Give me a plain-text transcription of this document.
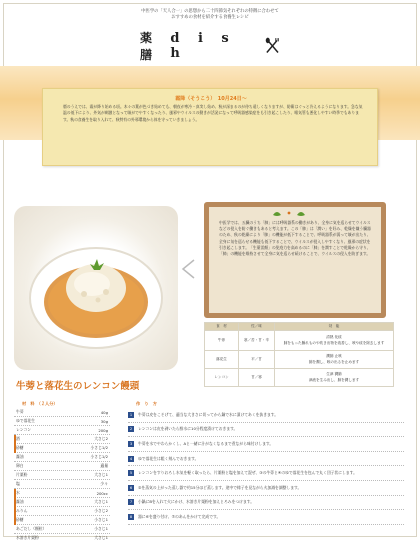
中医学の「天人合一」の思想から二十四節気それぞれの特徴に合わせて
おすすめの食材を紹介する食養生レシピ
薬膳
d i s h
霜降（そうこう）　10月24日～
暦のうえでは、霜が降り始める頃。木々の葉が色づき始めても、朝夜が寒冷・真実し始め、秋が深まるのが待ち遠しくなりますが、防衛はぐっと冷えるようになります。急な気温の低下により、外気が刺激となって咳がでやすくなったり、風邪やウイルスの動きが活発になって呼吸器感染症をも引き起こしたり、喉気管も悪化しやすい時季でもあります。秋の食養生を取り入れて、秋特有の外邪環境から体を守っていきましょう。
中医学では、五臓のうち「肺」には呼吸器系の働きがあり、全身に気を巡らせてウイルスなどの侵入を防ぐ働きもあると考えます。この「肺」は「潤い」を好み、乾燥を嫌う臓器のため、秋の乾燥により「肺」の機能が低下することで、呼吸器系が弱って咳が出たり、全身に気を巡らせる機能も低下することで、ウイルスが侵入しやすくなり、風邪の症状を引き起こします。「生薬雷顛」の免疫力を高めるのに「肺」を潤すことで乾燥から守り、「肺」の機能を維持させて全身に気を巡らせ続けることで、ウイルスの侵入を防ぎます。
牛蒡と落花生のレンコン饅頭
食　材	性／味	効　能
牛蒡	寒／苦・甘・辛	清熱 化痰
肺をもった腫れものや吹き出物を改善し、咳や痰を除去します
落花生	平／甘	潤肺 止咳
肺を潤し、咳の出るを止めます
レンコン	甘／寒	生津 潤肺
津液を生み出し、肺を潤します
材　料　（２人分）	作　り　方
牛蒡	40g
ゆで落花生	30g
レンコン	200g
酒	大さじ2
砂糖	小さじ1/2
醤油	小さじ1/2
卵白	適量
片栗粉	大さじ1
塩	少々
水	200cc
醤油	大さじ1
みりん	小さじ2
砂糖	小さじ1
あごだし（顆粒）	小さじ1
水溶き片栗粉	大さじ1
1	牛蒡は皮をこそげて、適当な大きさに切ってから鍋で水に漬けてあくを抜きます。
2	レンコンは皮を剥いたら酢水に10分程度漬けておきます。
3	牛蒡を水でやわらかくし、Aと一緒に汁がなくなるまで煮ながら味付けします。
4	ゆで落花生は粗く刻んでおきます。
5	レンコンをすりおろし水気を軽く取ったら、片栗粉と塩を加えて混ぜ、③の牛蒡と④のゆで落花生を包んで丸く団子状にします。
6	⑤を蒸気の上がった蒸し器で約15分ほど蒸します。途中で様子を見ながら火加減を調整します。
7	小鍋にBを入れて火にかけ、水溶き片栗粉を加えとろみをつけます。
8	器に⑥を盛り付け、⑦のあんをかけて完成です。
